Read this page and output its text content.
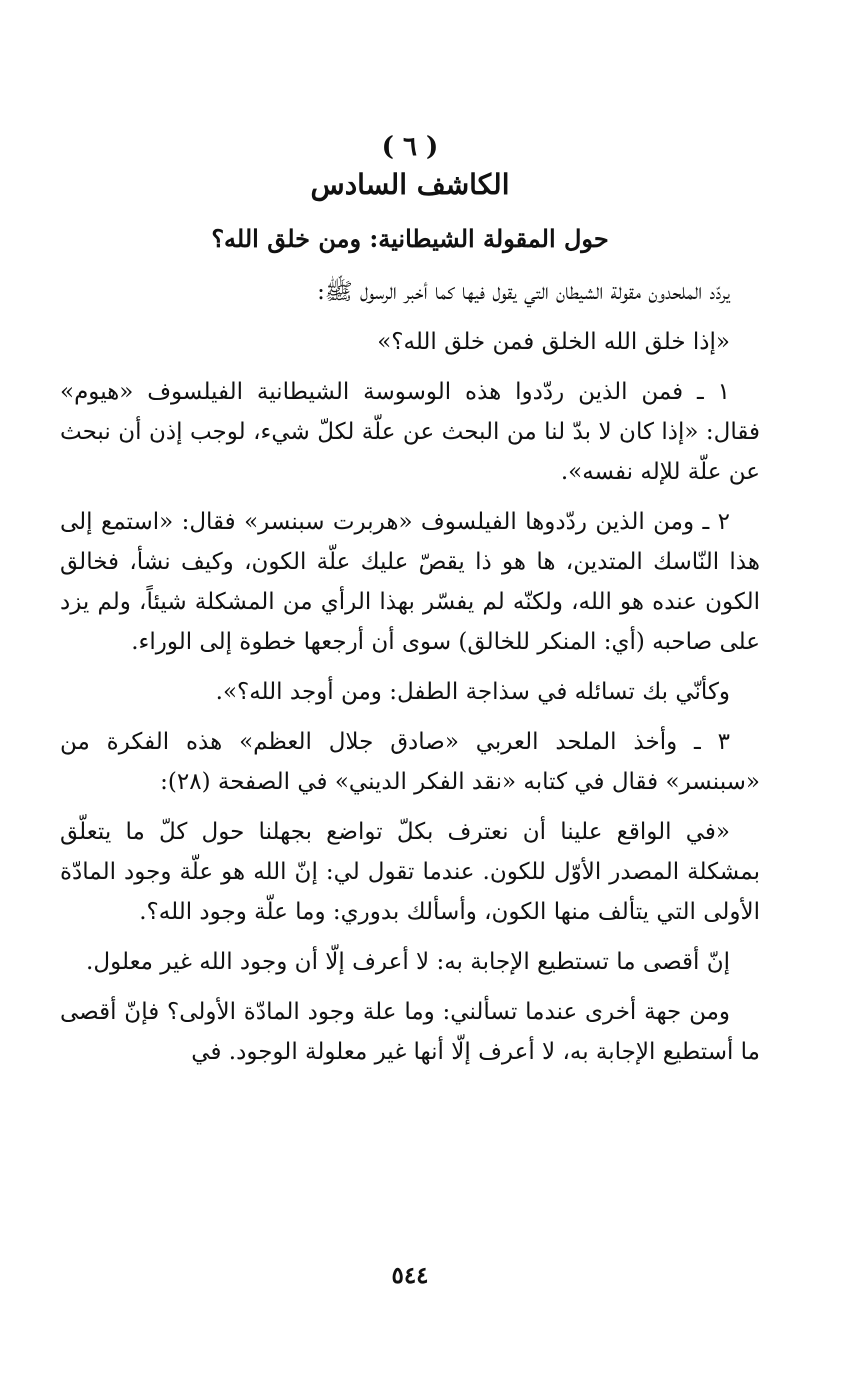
( ٦ )
الكاشف السادس
حول المقولة الشيطانية: ومن خلق الله؟

يردّد الملحدون مقولة الشيطان التي يقول فيها كما أخبر الرسول ﷺ:

«إذا خلق الله الخلق فمن خلق الله؟»

١ ـ فمن الذين ردّدوا هذه الوسوسة الشيطانية الفيلسوف «هيوم» فقال: «إذا كان لا بدّ لنا من البحث عن علّة لكلّ شيء، لوجب إذن أن نبحث عن علّة للإله نفسه».

٢ ـ ومن الذين ردّدوها الفيلسوف «هربرت سبنسر» فقال: «استمع إلى هذا النّاسك المتدين، ها هو ذا يقصّ عليك علّة الكون، وكيف نشأ، فخالق الكون عنده هو الله، ولكنّه لم يفسّر بهذا الرأي من المشكلة شيئاً، ولم يزد على صاحبه (أي: المنكر للخالق) سوى أن أرجعها خطوة إلى الوراء.

وكأنّي بك تسائله في سذاجة الطفل: ومن أوجد الله؟».

٣ ـ وأخذ الملحد العربي «صادق جلال العظم» هذه الفكرة من «سبنسر» فقال في كتابه «نقد الفكر الديني» في الصفحة (٢٨):

«في الواقع علينا أن نعترف بكلّ تواضع بجهلنا حول كلّ ما يتعلّق بمشكلة المصدر الأوّل للكون. عندما تقول لي: إنّ الله هو علّة وجود المادّة الأولى التي يتألف منها الكون، وأسألك بدوري: وما علّة وجود الله؟.

إنّ أقصى ما تستطيع الإجابة به: لا أعرف إلّا أن وجود الله غير معلول.

ومن جهة أخرى عندما تسألني: وما علة وجود المادّة الأولى؟ فإنّ أقصى ما أستطيع الإجابة به، لا أعرف إلّا أنها غير معلولة الوجود. في

٥٤٤
